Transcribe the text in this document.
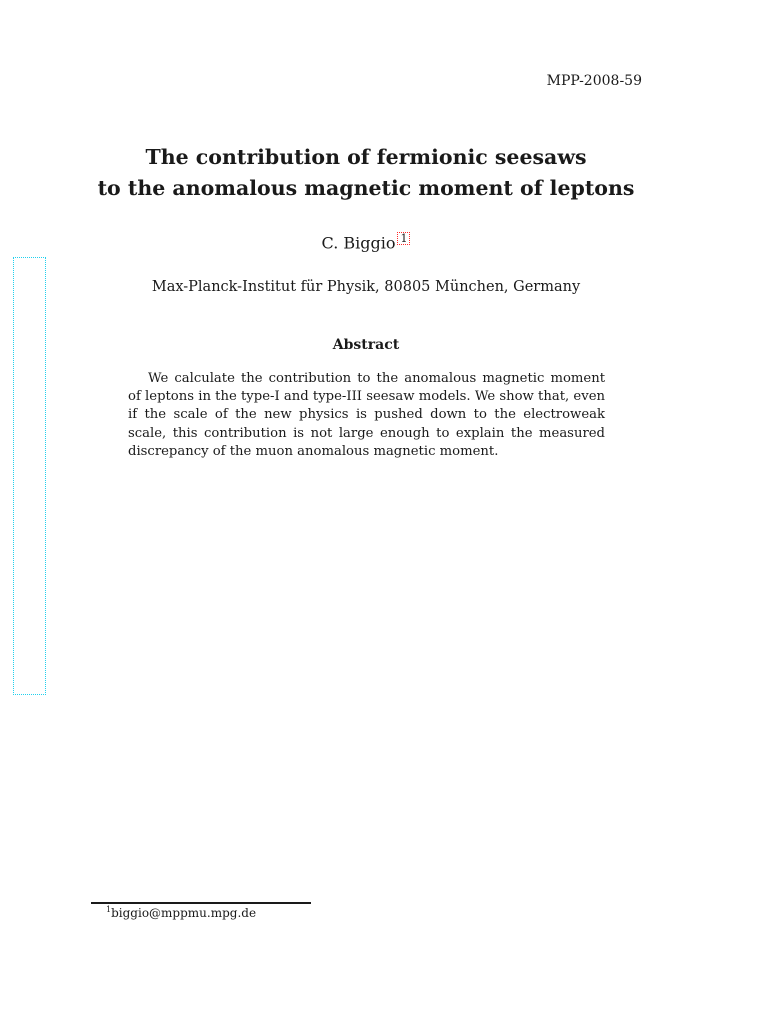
MPP-2008-59
The contribution of fermionic seesaws
to the anomalous magnetic moment of leptons
C. Biggio 1
Max-Planck-Institut für Physik, 80805 München, Germany
Abstract
We calculate the contribution to the anomalous magnetic moment of leptons in the type-I and type-III seesaw models. We show that, even if the scale of the new physics is pushed down to the electroweak scale, this contribution is not large enough to explain the measured discrepancy of the muon anomalous magnetic moment.
$^1$biggio@mppmu.mpg.de
